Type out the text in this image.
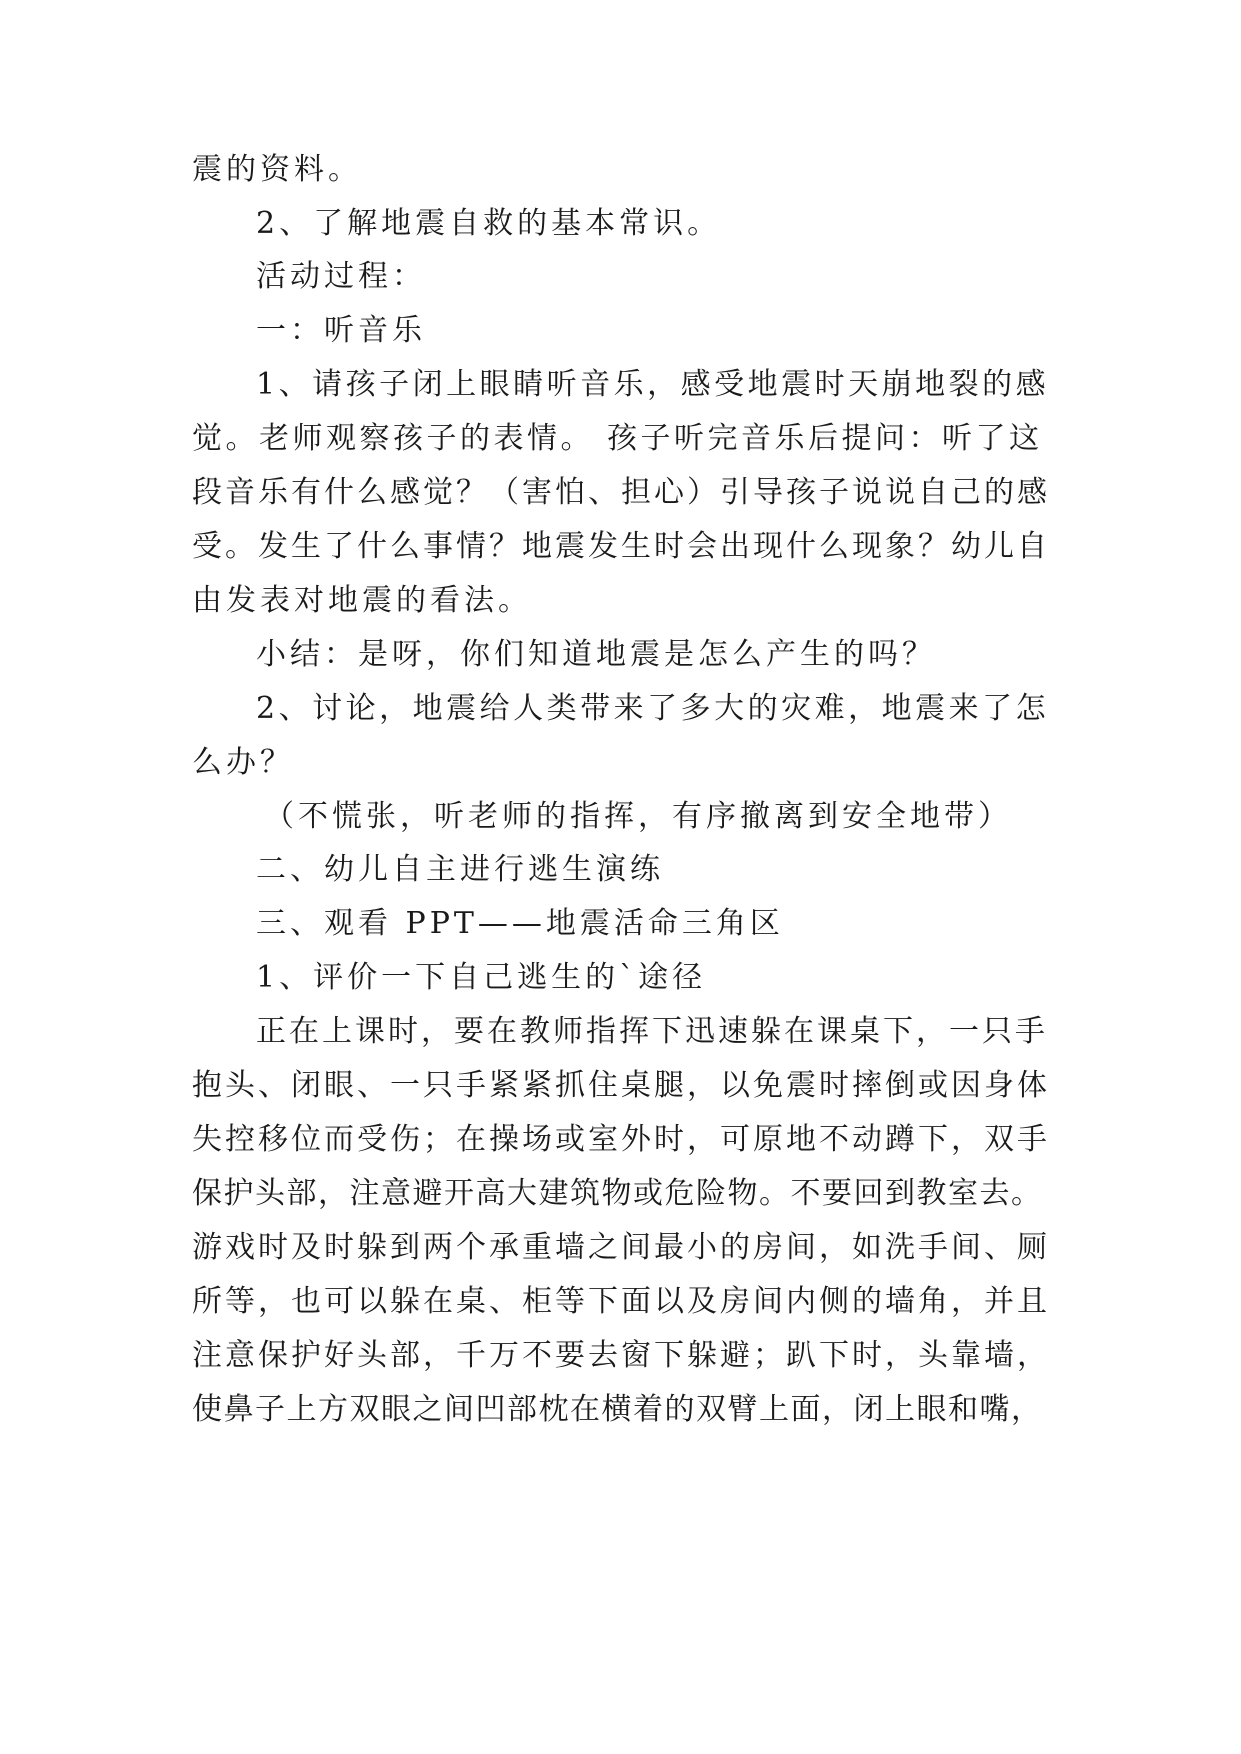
震的资料。
2、了解地震自救的基本常识。
活动过程：
一：听音乐
1、请孩子闭上眼睛听音乐，感受地震时天崩地裂的感
觉。老师观察孩子的表情。 孩子听完音乐后提问：听了这
段音乐有什么感觉？（害怕、担心）引导孩子说说自己的感
受。发生了什么事情？地震发生时会出现什么现象？幼儿自
由发表对地震的看法。
小结：是呀，你们知道地震是怎么产生的吗？
2、讨论，地震给人类带来了多大的灾难，地震来了怎
么办？
（不慌张，听老师的指挥，有序撤离到安全地带）
二、幼儿自主进行逃生演练
三、观看 PPT——地震活命三角区
1、评价一下自己逃生的`途径
正在上课时，要在教师指挥下迅速躲在课桌下，一只手
抱头、闭眼、一只手紧紧抓住桌腿，以免震时摔倒或因身体
失控移位而受伤；在操场或室外时，可原地不动蹲下，双手
保护头部，注意避开高大建筑物或危险物。不要回到教室去。
游戏时及时躲到两个承重墙之间最小的房间，如洗手间、厕
所等，也可以躲在桌、柜等下面以及房间内侧的墙角，并且
注意保护好头部，千万不要去窗下躲避；趴下时，头靠墙，
使鼻子上方双眼之间凹部枕在横着的双臂上面，闭上眼和嘴，
